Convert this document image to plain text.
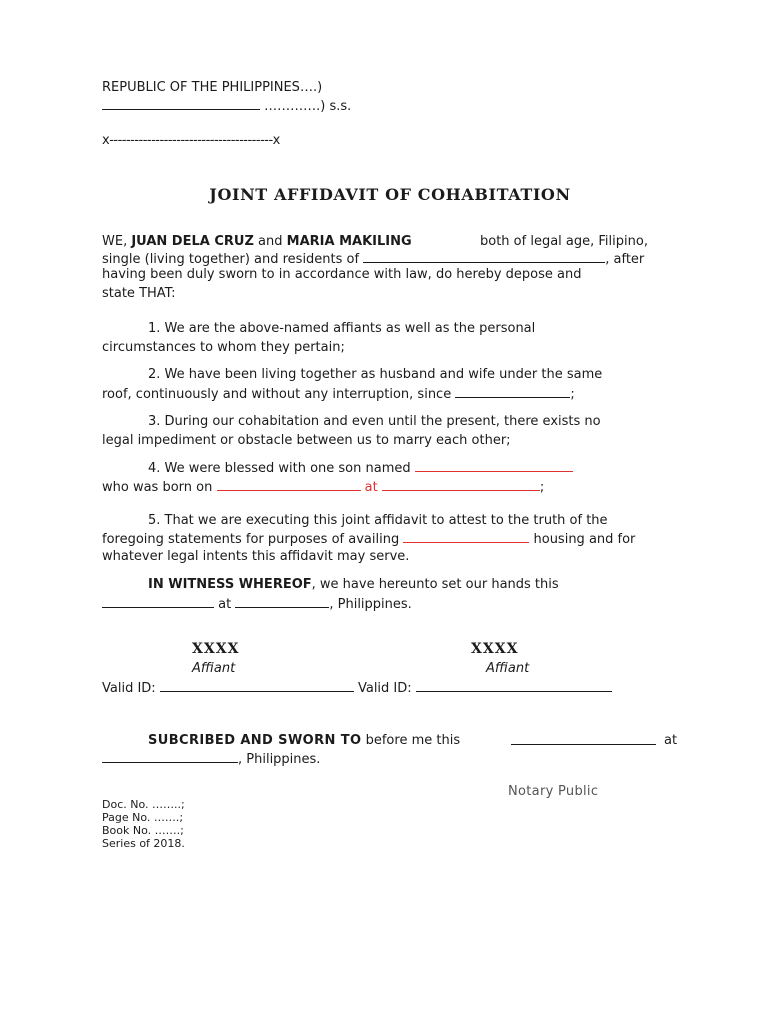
REPUBLIC OF THE PHILIPPINES….)
………….) s.s.
x---------------------------------------x
JOINT AFFIDAVIT OF COHABITATION
WE, JUAN DELA CRUZ and MARIA MAKILING	both of legal age, Filipino,
single (living together) and residents of	, after
having been duly sworn to in accordance with law, do hereby depose and
state THAT:
1. We are the above-named affiants as well as the personal
circumstances to whom they pertain;
2. We have been living together as husband and wife under the same
roof, continuously and without any interruption, since	;
3. During our cohabitation and even until the present, there exists no
legal impediment or obstacle between us to marry each other;
4. We were blessed with one son named
who was born on	at	;
5. That we are executing this joint affidavit to attest to the truth of the
foregoing statements for purposes of availing	housing and for
whatever legal intents this affidavit may serve.
IN WITNESS WHEREOF, we have hereunto set our hands this
at	, Philippines.
XXXX	XXXX
Affiant	Affiant
Valid ID:	Valid ID:
SUBCRIBED AND SWORN TO before me this	at
, Philippines.
Notary Public
Doc. No. ……..;
Page No. …….;
Book No. …….;
Series of 2018.
